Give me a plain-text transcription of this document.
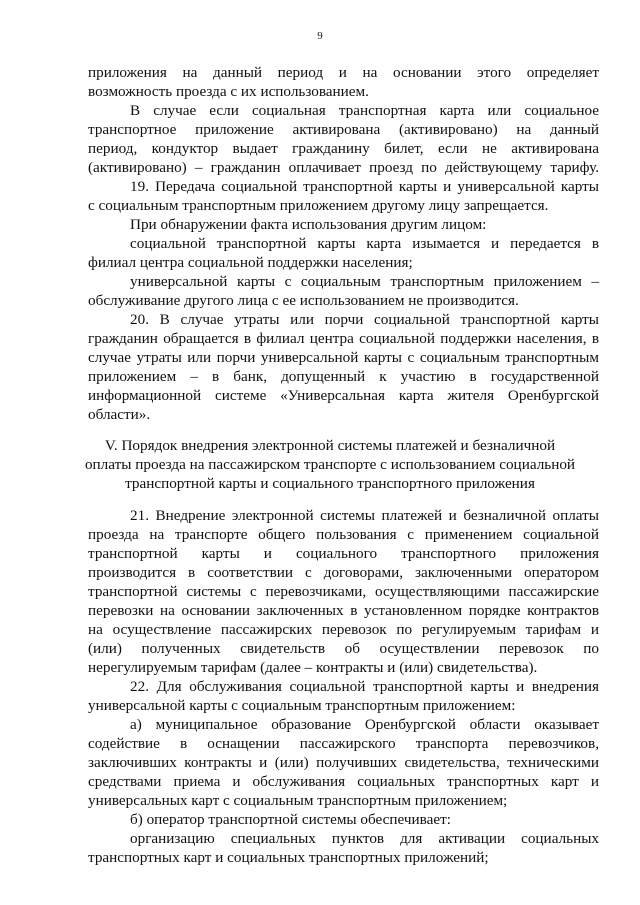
9
приложения на данный период и на основании этого определяет
возможность проезда с их использованием.
В случае если социальная транспортная карта или социальное
транспортное приложение активирована (активировано) на данный
период, кондуктор выдает гражданину билет, если не активирована
(активировано) – гражданин оплачивает проезд по действующему тарифу.
19. Передача социальной транспортной карты и универсальной карты
с социальным транспортным приложением другому лицу запрещается.
При обнаружении факта использования другим лицом:
социальной транспортной карты карта изымается и передается в
филиал центра социальной поддержки населения;
универсальной карты с социальным транспортным приложением –
обслуживание другого лица с ее использованием не производится.
20. В случае утраты или порчи социальной транспортной карты
гражданин обращается в филиал центра социальной поддержки населения, в
случае утраты или порчи универсальной карты с социальным транспортным
приложением – в банк, допущенный к участию в государственной
информационной системе «Универсальная карта жителя Оренбургской
области».
V. Порядок внедрения электронной системы платежей и безналичной
оплаты проезда на пассажирском транспорте с использованием социальной
транспортной карты и социального транспортного приложения
21. Внедрение электронной системы платежей и безналичной оплаты
проезда на транспорте общего пользования с применением социальной
транспортной карты и социального транспортного приложения
производится в соответствии с договорами, заключенными оператором
транспортной системы с перевозчиками, осуществляющими пассажирские
перевозки на основании заключенных в установленном порядке контрактов
на осуществление пассажирских перевозок по регулируемым тарифам и
(или) полученных свидетельств об осуществлении перевозок по
нерегулируемым тарифам (далее – контракты и (или) свидетельства).
22. Для обслуживания социальной транспортной карты и внедрения
универсальной карты с социальным транспортным приложением:
а) муниципальное образование Оренбургской области оказывает
содействие в оснащении пассажирского транспорта перевозчиков,
заключивших контракты и (или) получивших свидетельства, техническими
средствами приема и обслуживания социальных транспортных карт и
универсальных карт с социальным транспортным приложением;
б) оператор транспортной системы обеспечивает:
организацию специальных пунктов для активации социальных
транспортных карт и социальных транспортных приложений;
